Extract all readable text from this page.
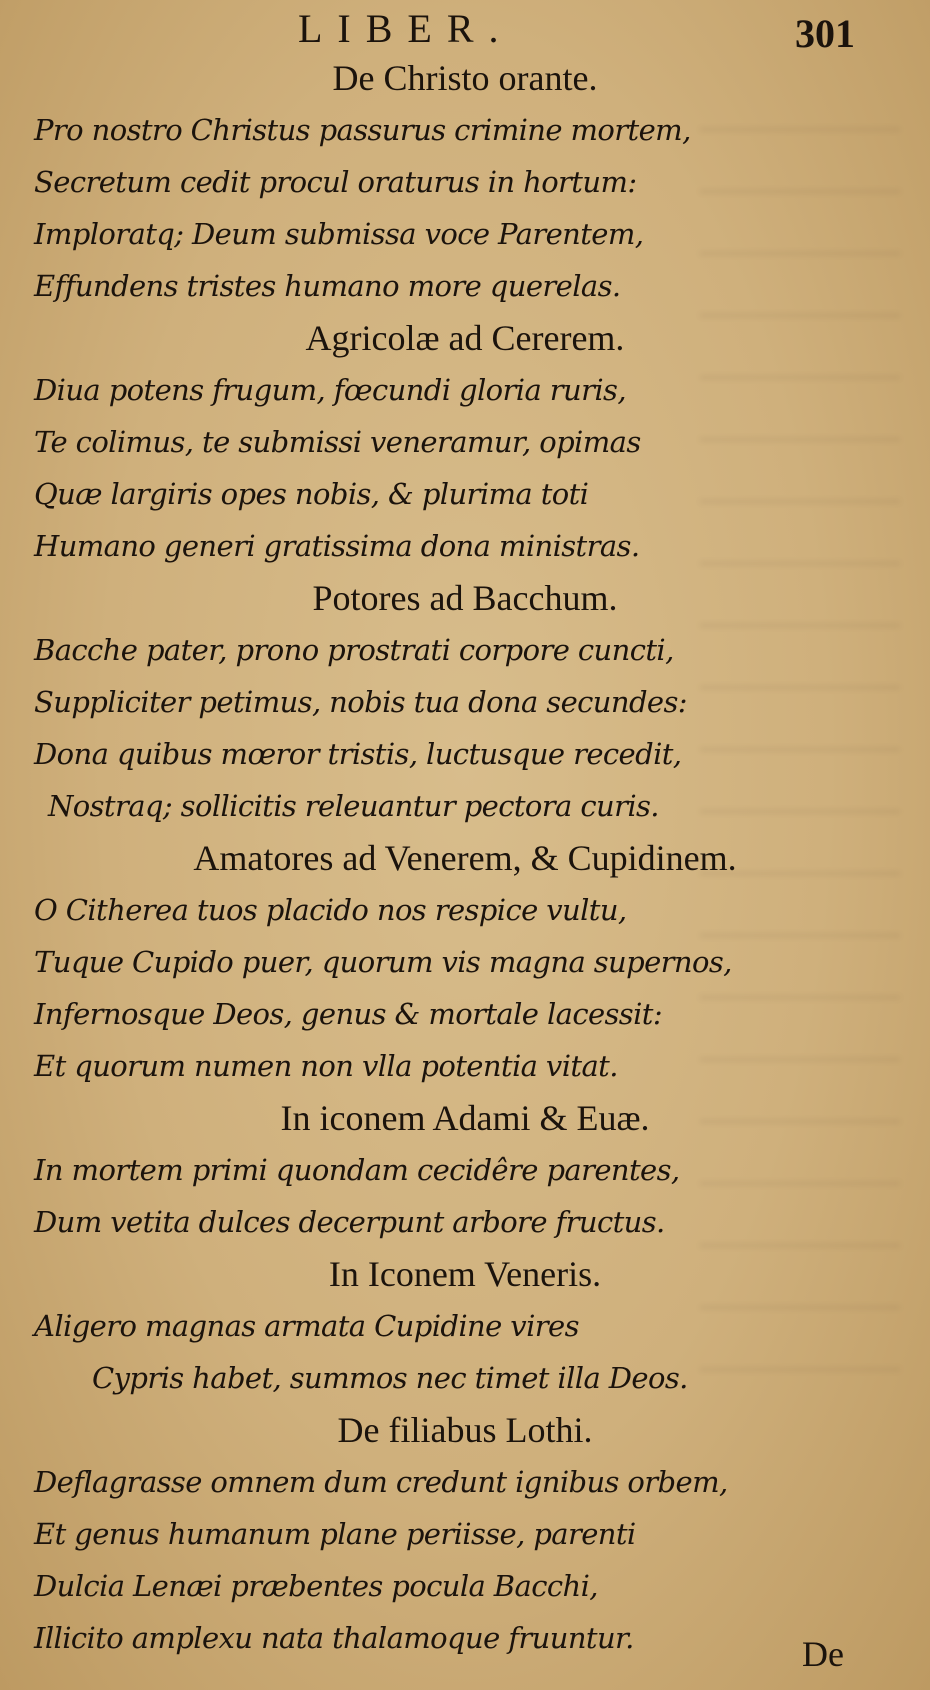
LIBER.	301
De Christo orante.
Pro nostro Christus passurus crimine mortem,
Secretum cedit procul oraturus in hortum:
Imploratq; Deum submissa voce Parentem,
Effundens tristes humano more querelas.
Agricolæ ad Cererem.
Diua potens frugum, fœcundi gloria ruris,
Te colimus, te submissi veneramur, opimas
Quæ largiris opes nobis, & plurima toti
Humano generi gratissima dona ministras.
Potores ad Bacchum.
Bacche pater, prono prostrati corpore cuncti,
Suppliciter petimus, nobis tua dona secundes:
Dona quibus mœror tristis, luctusque recedit,
Nostraq; sollicitis releuantur pectora curis.
Amatores ad Venerem, & Cupidinem.
O Citherea tuos placido nos respice vultu,
Tuque Cupido puer, quorum vis magna supernos,
Infernosque Deos, genus & mortale lacessit:
Et quorum numen non vlla potentia vitat.
In iconem Adami & Euæ.
In mortem primi quondam cecidêre parentes,
Dum vetita dulces decerpunt arbore fructus.
In Iconem Veneris.
Aligero magnas armata Cupidine vires
Cypris habet, summos nec timet illa Deos.
De filiabus Lothi.
Deflagrasse omnem dum credunt ignibus orbem,
Et genus humanum plane periisse, parenti
Dulcia Lenæi præbentes pocula Bacchi,
Illicito amplexu nata thalamoque fruuntur.	De
